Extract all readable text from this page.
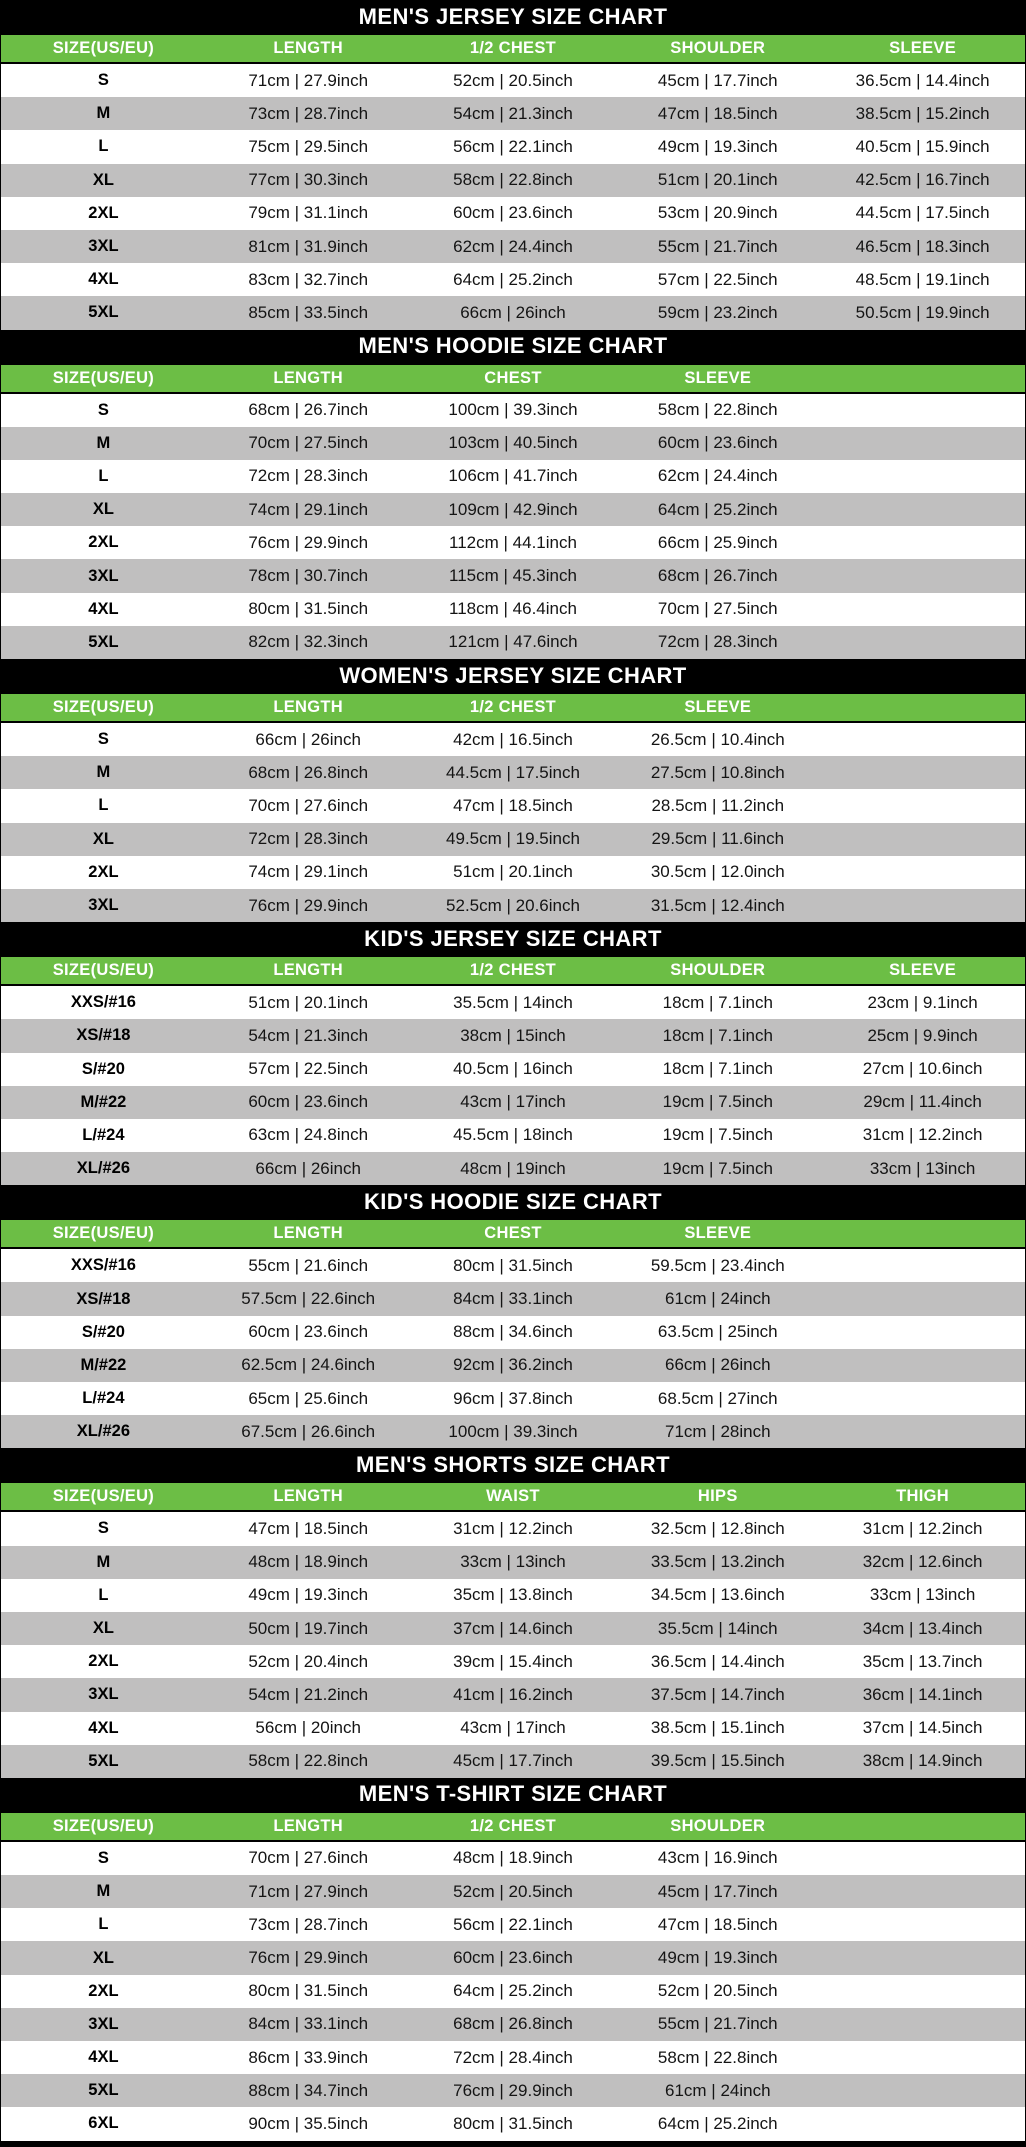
MEN'S JERSEY SIZE CHART
SIZE(US/EU)	LENGTH	1/2 CHEST	SHOULDER	SLEEVE
S	71cm | 27.9inch	52cm | 20.5inch	45cm | 17.7inch	36.5cm | 14.4inch
M	73cm | 28.7inch	54cm | 21.3inch	47cm | 18.5inch	38.5cm | 15.2inch
L	75cm | 29.5inch	56cm | 22.1inch	49cm | 19.3inch	40.5cm | 15.9inch
XL	77cm | 30.3inch	58cm | 22.8inch	51cm | 20.1inch	42.5cm | 16.7inch
2XL	79cm | 31.1inch	60cm | 23.6inch	53cm | 20.9inch	44.5cm | 17.5inch
3XL	81cm | 31.9inch	62cm | 24.4inch	55cm | 21.7inch	46.5cm | 18.3inch
4XL	83cm | 32.7inch	64cm | 25.2inch	57cm | 22.5inch	48.5cm | 19.1inch
5XL	85cm | 33.5inch	66cm | 26inch	59cm | 23.2inch	50.5cm | 19.9inch
MEN'S HOODIE SIZE CHART
SIZE(US/EU)	LENGTH	CHEST	SLEEVE
S	68cm | 26.7inch	100cm | 39.3inch	58cm | 22.8inch
M	70cm | 27.5inch	103cm | 40.5inch	60cm | 23.6inch
L	72cm | 28.3inch	106cm | 41.7inch	62cm | 24.4inch
XL	74cm | 29.1inch	109cm | 42.9inch	64cm | 25.2inch
2XL	76cm | 29.9inch	112cm | 44.1inch	66cm | 25.9inch
3XL	78cm | 30.7inch	115cm | 45.3inch	68cm | 26.7inch
4XL	80cm | 31.5inch	118cm | 46.4inch	70cm | 27.5inch
5XL	82cm | 32.3inch	121cm | 47.6inch	72cm | 28.3inch
WOMEN'S JERSEY SIZE CHART
SIZE(US/EU)	LENGTH	1/2 CHEST	SLEEVE
S	66cm | 26inch	42cm | 16.5inch	26.5cm | 10.4inch
M	68cm | 26.8inch	44.5cm | 17.5inch	27.5cm | 10.8inch
L	70cm | 27.6inch	47cm | 18.5inch	28.5cm | 11.2inch
XL	72cm | 28.3inch	49.5cm | 19.5inch	29.5cm | 11.6inch
2XL	74cm | 29.1inch	51cm | 20.1inch	30.5cm | 12.0inch
3XL	76cm | 29.9inch	52.5cm | 20.6inch	31.5cm | 12.4inch
KID'S JERSEY SIZE CHART
SIZE(US/EU)	LENGTH	1/2 CHEST	SHOULDER	SLEEVE
XXS/#16	51cm | 20.1inch	35.5cm | 14inch	18cm | 7.1inch	23cm | 9.1inch
XS/#18	54cm | 21.3inch	38cm | 15inch	18cm | 7.1inch	25cm | 9.9inch
S/#20	57cm | 22.5inch	40.5cm | 16inch	18cm | 7.1inch	27cm | 10.6inch
M/#22	60cm | 23.6inch	43cm | 17inch	19cm | 7.5inch	29cm | 11.4inch
L/#24	63cm | 24.8inch	45.5cm | 18inch	19cm | 7.5inch	31cm | 12.2inch
XL/#26	66cm | 26inch	48cm | 19inch	19cm | 7.5inch	33cm | 13inch
KID'S HOODIE SIZE CHART
SIZE(US/EU)	LENGTH	CHEST	SLEEVE
XXS/#16	55cm | 21.6inch	80cm | 31.5inch	59.5cm | 23.4inch
XS/#18	57.5cm | 22.6inch	84cm | 33.1inch	61cm | 24inch
S/#20	60cm | 23.6inch	88cm | 34.6inch	63.5cm | 25inch
M/#22	62.5cm | 24.6inch	92cm | 36.2inch	66cm | 26inch
L/#24	65cm | 25.6inch	96cm | 37.8inch	68.5cm | 27inch
XL/#26	67.5cm | 26.6inch	100cm | 39.3inch	71cm | 28inch
MEN'S SHORTS SIZE CHART
SIZE(US/EU)	LENGTH	WAIST	HIPS	THIGH
S	47cm | 18.5inch	31cm | 12.2inch	32.5cm | 12.8inch	31cm | 12.2inch
M	48cm | 18.9inch	33cm | 13inch	33.5cm | 13.2inch	32cm | 12.6inch
L	49cm | 19.3inch	35cm | 13.8inch	34.5cm | 13.6inch	33cm | 13inch
XL	50cm | 19.7inch	37cm | 14.6inch	35.5cm | 14inch	34cm | 13.4inch
2XL	52cm | 20.4inch	39cm | 15.4inch	36.5cm | 14.4inch	35cm | 13.7inch
3XL	54cm | 21.2inch	41cm | 16.2inch	37.5cm | 14.7inch	36cm | 14.1inch
4XL	56cm | 20inch	43cm | 17inch	38.5cm | 15.1inch	37cm | 14.5inch
5XL	58cm | 22.8inch	45cm | 17.7inch	39.5cm | 15.5inch	38cm | 14.9inch
MEN'S T-SHIRT SIZE CHART
SIZE(US/EU)	LENGTH	1/2 CHEST	SHOULDER
S	70cm | 27.6inch	48cm | 18.9inch	43cm | 16.9inch
M	71cm | 27.9inch	52cm | 20.5inch	45cm | 17.7inch
L	73cm | 28.7inch	56cm | 22.1inch	47cm | 18.5inch
XL	76cm | 29.9inch	60cm | 23.6inch	49cm | 19.3inch
2XL	80cm | 31.5inch	64cm | 25.2inch	52cm | 20.5inch
3XL	84cm | 33.1inch	68cm | 26.8inch	55cm | 21.7inch
4XL	86cm | 33.9inch	72cm | 28.4inch	58cm | 22.8inch
5XL	88cm | 34.7inch	76cm | 29.9inch	61cm | 24inch
6XL	90cm | 35.5inch	80cm | 31.5inch	64cm | 25.2inch
